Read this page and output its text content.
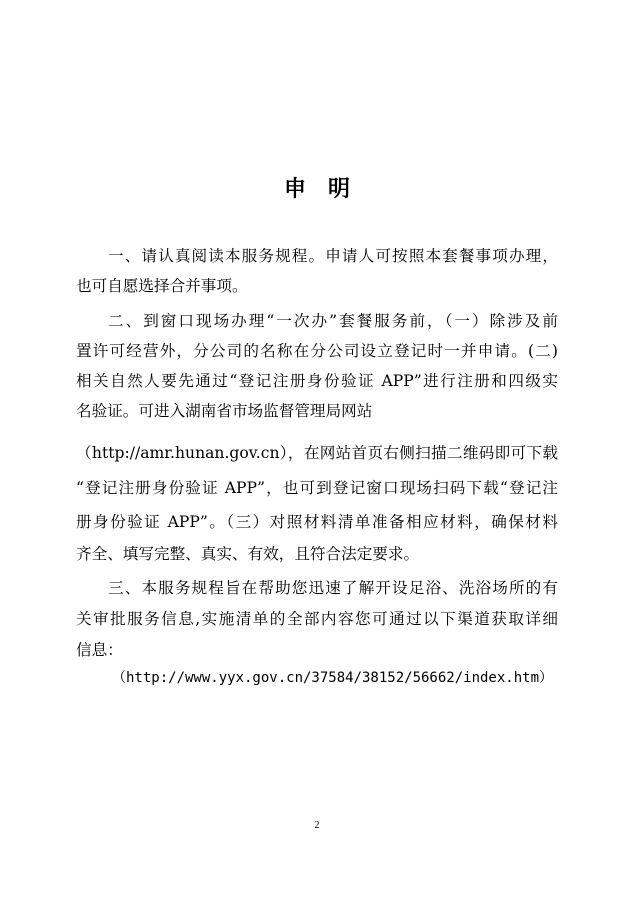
申　明
一、请认真阅读本服务规程。申请人可按照本套餐事项办理，
也可自愿选择合并事项。
二、到窗口现场办理“一次办”套餐服务前，（一）除涉及前
置许可经营外，分公司的名称在分公司设立登记时一并申请。(二)
相关自然人要先通过“登记注册身份验证 APP”进行注册和四级实
名验证。可进入湖南省市场监督管理局网站
（http://amr.hunan.gov.cn），在网站首页右侧扫描二维码即可下载
“登记注册身份验证 APP”，也可到登记窗口现场扫码下载“登记注
册身份验证 APP”。（三）对照材料清单准备相应材料，确保材料
齐全、填写完整、真实、有效，且符合法定要求。
三、本服务规程旨在帮助您迅速了解开设足浴、洗浴场所的有
关审批服务信息,实施清单的全部内容您可通过以下渠道获取详细
信息：
（http://www.yyx.gov.cn/37584/38152/56662/index.htm）
2
